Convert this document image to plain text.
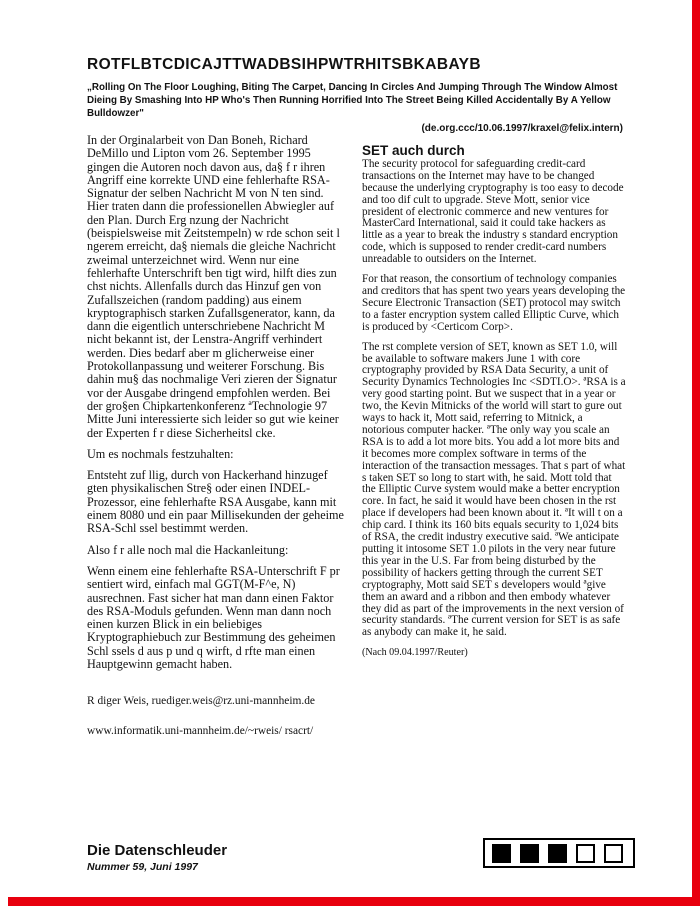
ROTFLBTCDICAJTTWADBSIHPWTRHITSBKABAYB

„Rolling On The Floor Loughing, Biting The Carpet, Dancing In Circles And Jumping Through The Window Almost Dieing By Smashing Into HP Who's Then Running Horrified Into The Street Being Killed Accidentally By A Yellow Bulldowzer"

(de.org.ccc/10.06.1997/kraxel@felix.intern)

In der Orginalarbeit von Dan Boneh, Richard DeMillo und Lipton vom 26. September 1995 gingen die Autoren noch davon aus, da§ f r ihren Angriff eine korrekte UND eine fehlerhafte RSA-Signatur der selben Nachricht M von N ten sind. Hier traten dann die professionellen Abwiegler auf den Plan. Durch Erg nzung der Nachricht (beispielsweise mit Zeitstempeln) w rde schon seit l ngerem erreicht, da§ niemals die gleiche Nachricht zweimal unterzeichnet wird. Wenn nur eine fehlerhafte Unterschrift ben tigt wird, hilft dies zun chst nichts. Allenfalls durch das Hinzuf gen von Zufallszeichen (random padding) aus einem kryptographisch starken Zufallsgenerator, kann, da dann die eigentlich unterschriebene Nachricht M nicht bekannt ist, der Lenstra-Angriff verhindert werden. Dies bedarf aber m glicherweise einer Protokollanpassung und weiterer Forschung. Bis dahin mu§ das nochmalige Veri zieren der Signatur vor der Ausgabe dringend empfohlen werden. Bei der gro§en Chipkartenkonferenz ªTechnologie 97 Mitte Juni interessierte sich leider so gut wie keiner der Experten f r diese Sicherheitsl cke.

Um es nochmals festzuhalten:

Entsteht zuf llig, durch von Hackerhand hinzugef gten physikalischen Stre§ oder einen INDEL-Prozessor, eine fehlerhafte RSA Ausgabe, kann mit einem 8080 und ein paar Millisekunden der geheime RSA-Schl ssel bestimmt werden.

Also f r alle noch mal die Hackanleitung:

Wenn einem eine fehlerhafte RSA-Unterschrift F pr sentiert wird, einfach mal GGT(M-F^e, N) ausrechnen. Fast sicher hat man dann einen Faktor des RSA-Moduls gefunden. Wenn man dann noch einen kurzen Blick in ein beliebiges Kryptographiebuch zur Bestimmung des geheimen Schl ssels d aus p und q wirft, d rfte man einen Hauptgewinn gemacht haben.

R diger Weis, ruediger.weis@rz.uni-mannheim.de

www.informatik.uni-mannheim.de/~rweis/ rsacrt/

SET auch durch

The security protocol for safeguarding credit-card transactions on the Internet may have to be changed because the underlying cryptography is too easy to decode and too dif cult to upgrade. Steve Mott, senior vice president of electronic commerce and new ventures for MasterCard International, said it could take hackers as little as a year to break the industry s standard encryption code, which is supposed to render credit-card numbers unreadable to outsiders on the Internet.

For that reason, the consortium of technology companies and creditors that has spent two years years developing the Secure Electronic Transaction (SET) protocol may switch to a faster encryption system called Elliptic Curve, which is produced by <Certicom Corp>.

The rst complete version of SET, known as SET 1.0, will be available to software makers June 1 with core cryptography provided by RSA Data Security, a unit of Security Dynamics Technologies Inc <SDTI.O>. ªRSA is a very good starting point. But we suspect that in a year or two, the Kevin Mitnicks of the world will start to gure out ways to hack it, Mott said, referring to Mitnick, a notorious computer hacker. ªThe only way you scale an RSA is to add a lot more bits. You add a lot more bits and it becomes more complex software in terms of the interaction of the transaction messages. That s part of what s taken SET so long to start with, he said. Mott told that the Elliptic Curve system would make a better encryption core. In fact, he said it would have been chosen in the rst place if developers had been known about it. ªIt will t on a chip card. I think its 160 bits equals security to 1,024 bits of RSA, the credit industry executive said. ªWe anticipate putting it intosome SET 1.0 pilots in the very near future this year in the U.S. Far from being disturbed by the possibility of hackers getting through the current SET cryptography, Mott said SET s developers would ªgive them an award and a ribbon and then embody whatever they did as part of the improvements in the next version of security standards. ªThe current version for SET is as safe as anybody can make it, he said.

(Nach 09.04.1997/Reuter)

Die Datenschleuder
Nummer 59, Juni 1997
